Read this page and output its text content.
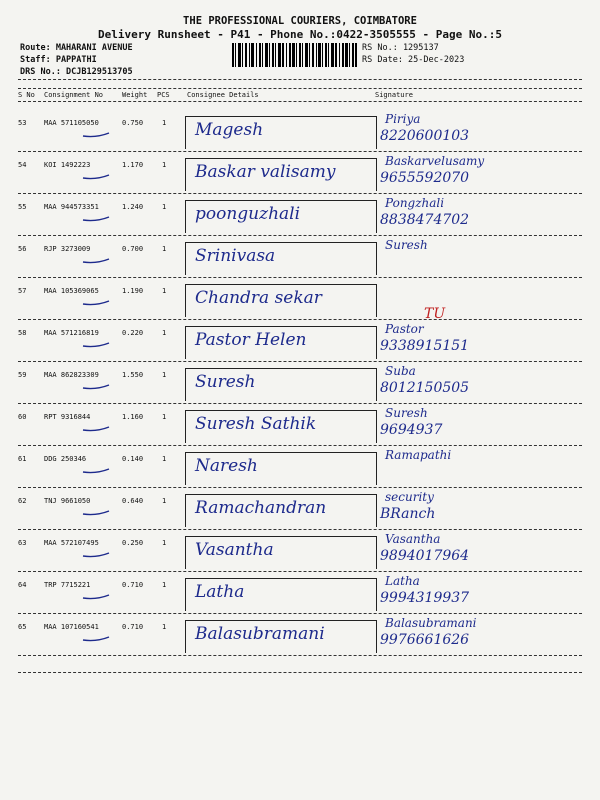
THE PROFESSIONAL COURIERS, COIMBATORE
Delivery Runsheet - P41 - Phone No.:0422-3505555 - Page No.:5
Route: MAHARANI AVENUE
Staff: PAPPATHI
DRS No.: DCJB129513705
RS No.: 1295137
RS Date: 25-Dec-2023
S No Consignment No	Weight PCS Consignee Details	Signature
53	MAA 571105050	0.750	1 Magesh
Piriya
8220600103
54	KOI 1492223	1.170	1 Baskar valisamy
Baskarvelusamy
9655592070
55	MAA 944573351	1.240	1 poonguzhali
Pongzhali
8838474702
56	RJP 3273009	0.700	1 Srinivasa
Suresh
57	MAA 105369065	1.190	1 Chandra sekar
58	MAA 571216819	0.220	1 Pastor Helen
Pastor
9338915151
59	MAA 862823309	1.550	1 Suresh
Suba
8012150505
60	RPT 9316844	1.160	1 Suresh Sathik
Suresh
9694937
61	DDG 250346	0.140	1 Naresh
Ramapathi
62	TNJ 9661050	0.640	1 Ramachandran
security
BRanch
63	MAA 572107495	0.250	1 Vasantha
Vasantha
9894017964
64	TRP 7715221	0.710	1 Latha
Latha
9994319937
65	MAA 107160541	0.710	1 Balasubramani
Balasubramani
9976661626
TU
